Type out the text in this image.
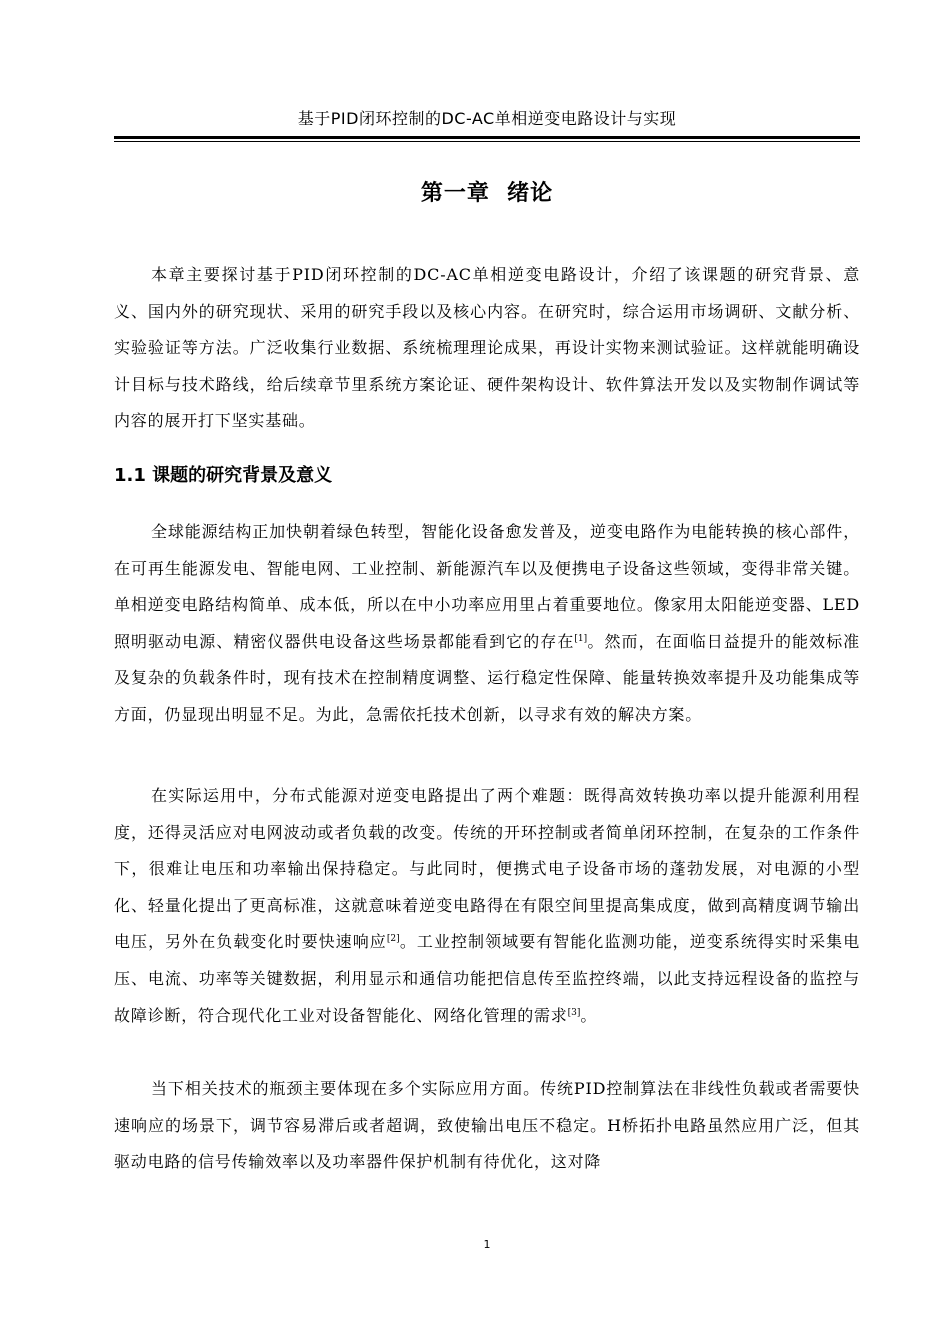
基于PID闭环控制的DC-AC单相逆变电路设计与实现
第一章  绪论

本章主要探讨基于PID闭环控制的DC-AC单相逆变电路设计，介绍了该课题的研究背景、意义、国内外的研究现状、采用的研究手段以及核心内容。在研究时，综合运用市场调研、文献分析、实验验证等方法。广泛收集行业数据、系统梳理理论成果，再设计实物来测试验证。这样就能明确设计目标与技术路线，给后续章节里系统方案论证、硬件架构设计、软件算法开发以及实物制作调试等内容的展开打下坚实基础。

1.1 课题的研究背景及意义

全球能源结构正加快朝着绿色转型，智能化设备愈发普及，逆变电路作为电能转换的核心部件，在可再生能源发电、智能电网、工业控制、新能源汽车以及便携电子设备这些领域，变得非常关键。单相逆变电路结构简单、成本低，所以在中小功率应用里占着重要地位。像家用太阳能逆变器、LED照明驱动电源、精密仪器供电设备这些场景都能看到它的存在[1]。然而，在面临日益提升的能效标准及复杂的负载条件时，现有技术在控制精度调整、运行稳定性保障、能量转换效率提升及功能集成等方面，仍显现出明显不足。为此，急需依托技术创新，以寻求有效的解决方案。

在实际运用中，分布式能源对逆变电路提出了两个难题：既得高效转换功率以提升能源利用程度，还得灵活应对电网波动或者负载的改变。传统的开环控制或者简单闭环控制，在复杂的工作条件下，很难让电压和功率输出保持稳定。与此同时，便携式电子设备市场的蓬勃发展，对电源的小型化、轻量化提出了更高标准，这就意味着逆变电路得在有限空间里提高集成度，做到高精度调节输出电压，另外在负载变化时要快速响应[2]。工业控制领域要有智能化监测功能，逆变系统得实时采集电压、电流、功率等关键数据，利用显示和通信功能把信息传至监控终端，以此支持远程设备的监控与故障诊断，符合现代化工业对设备智能化、网络化管理的需求[3]。

当下相关技术的瓶颈主要体现在多个实际应用方面。传统PID控制算法在非线性负载或者需要快速响应的场景下，调节容易滞后或者超调，致使输出电压不稳定。H桥拓扑电路虽然应用广泛，但其驱动电路的信号传输效率以及功率器件保护机制有待优化，这对降

1
